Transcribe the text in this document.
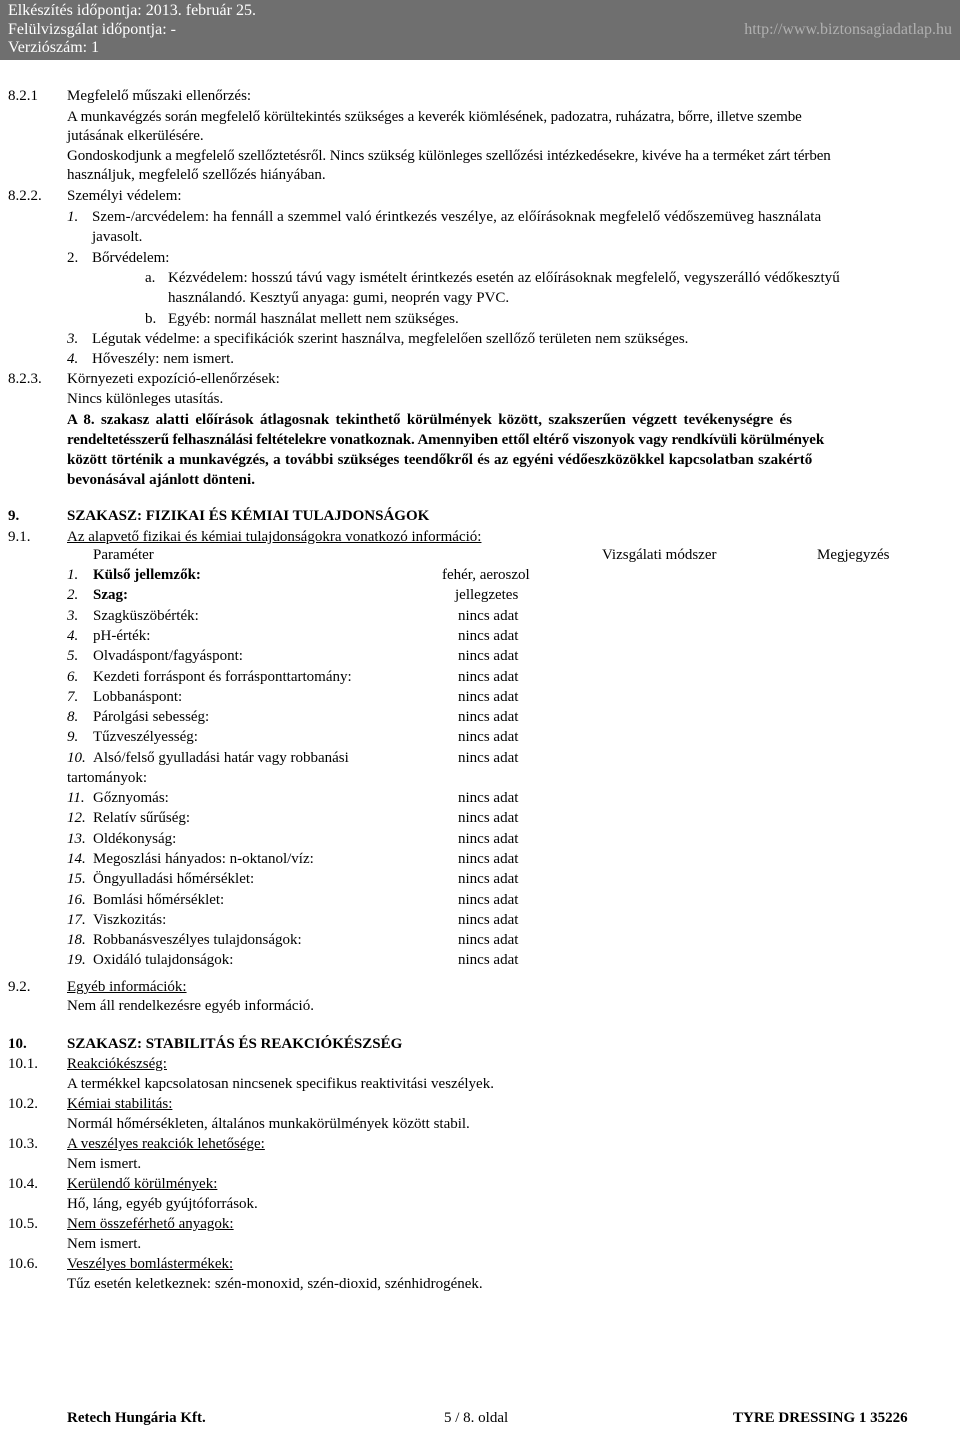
Elkészítés időpontja: 2013. február 25.
Felülvizsgálat időpontja: -
Verziószám: 1
http://www.biztonsagiadatlap.hu
8.2.1 Megfelelő műszaki ellenőrzés:
A munkavégzés során megfelelő körültekintés szükséges a keverék kiömlésének, padozatra, ruházatra, bőrre, illetve szembe
jutásának elkerülésére.
Gondoskodjunk a megfelelő szellőztetésről. Nincs szükség különleges szellőzési intézkedésekre, kivéve ha a terméket zárt térben
használjuk, megfelelő szellőzés hiányában.
8.2.2. Személyi védelem:
1. Szem-/arcvédelem: ha fennáll a szemmel való érintkezés veszélye, az előírásoknak megfelelő védőszemüveg használata
javasolt.
2. Bőrvédelem:
a. Kézvédelem: hosszú távú vagy ismételt érintkezés esetén az előírásoknak megfelelő, vegyszerálló védőkesztyű
használandó. Kesztyű anyaga: gumi, neoprén vagy PVC.
b. Egyéb: normál használat mellett nem szükséges.
3. Légutak védelme: a specifikációk szerint használva, megfelelően szellőző területen nem szükséges.
4. Hőveszély: nem ismert.
8.2.3. Környezeti expozíció-ellenőrzések:
Nincs különleges utasítás.
A 8. szakasz alatti előírások átlagosnak tekinthető körülmények között, szakszerűen végzett tevékenységre és
rendeltetésszerű felhasználási feltételekre vonatkoznak. Amennyiben ettől eltérő viszonyok vagy rendkívüli körülmények
között történik a munkavégzés, a további szükséges teendőkről és az egyéni védőeszközökkel kapcsolatban szakértő
bevonásával ajánlott dönteni.
9.	SZAKASZ: FIZIKAI ÉS KÉMIAI TULAJDONSÁGOK
9.1. Az alapvető fizikai és kémiai tulajdonságokra vonatkozó információ:
Paraméter	Vizsgálati módszer	Megjegyzés
1. Külső jellemzők:	fehér, aeroszol
2. Szag:	jellegzetes
3. Szagküszöbérték:	nincs adat
4. pH-érték:	nincs adat
5. Olvadáspont/fagyáspont:	nincs adat
6. Kezdeti forráspont és forrásponttartomány:	nincs adat
7. Lobbanáspont:	nincs adat
8. Párolgási sebesség:	nincs adat
9. Tűzveszélyesség:	nincs adat
10. Alsó/felső gyulladási határ vagy robbanási	nincs adat
tartományok:
11. Gőznyomás:	nincs adat
12. Relatív sűrűség:	nincs adat
13. Oldékonyság:	nincs adat
14. Megoszlási hányados: n-oktanol/víz:	nincs adat
15. Öngyulladási hőmérséklet:	nincs adat
16. Bomlási hőmérséklet:	nincs adat
17. Viszkozitás:	nincs adat
18. Robbanásveszélyes tulajdonságok:	nincs adat
19. Oxidáló tulajdonságok:	nincs adat
9.2. Egyéb információk:
Nem áll rendelkezésre egyéb információ.
10.	SZAKASZ: STABILITÁS ÉS REAKCIÓKÉSZSÉG
10.1. Reakciókészség:
A termékkel kapcsolatosan nincsenek specifikus reaktivitási veszélyek.
10.2. Kémiai stabilitás:
Normál hőmérsékleten, általános munkakörülmények között stabil.
10.3. A veszélyes reakciók lehetősége:
Nem ismert.
10.4. Kerülendő körülmények:
Hő, láng, egyéb gyújtóforrások.
10.5. Nem összeférhető anyagok:
Nem ismert.
10.6. Veszélyes bomlástermékek:
Tűz esetén keletkeznek: szén-monoxid, szén-dioxid, szénhidrogének.
Retech Hungária Kft.	5 / 8. oldal	TYRE DRESSING 1 35226
